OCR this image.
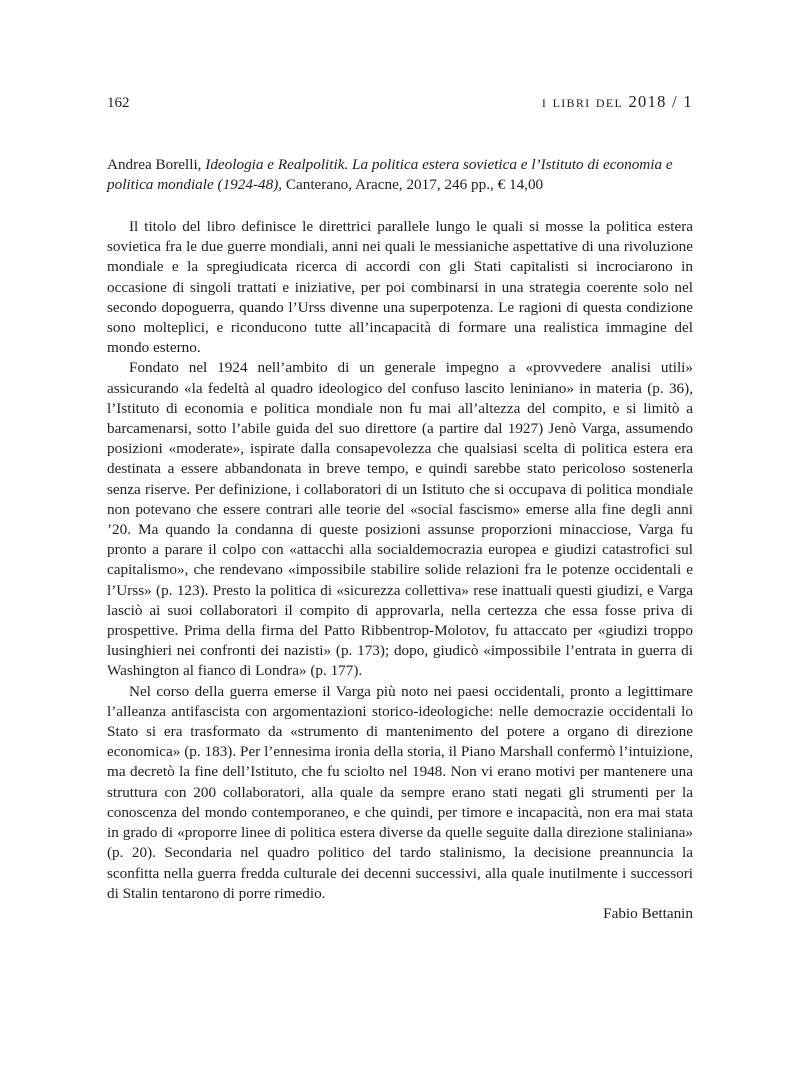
162	i libri del 2018 / 1
Andrea Borelli, Ideologia e Realpolitik. La politica estera sovietica e l’Istituto di economia e politica mondiale (1924-48), Canterano, Aracne, 2017, 246 pp., € 14,00

Il titolo del libro definisce le direttrici parallele lungo le quali si mosse la politica estera sovietica fra le due guerre mondiali, anni nei quali le messianiche aspettative di una rivoluzione mondiale e la spregiudicata ricerca di accordi con gli Stati capitalisti si incrociarono in occasione di singoli trattati e iniziative, per poi combinarsi in una strategia coerente solo nel secondo dopoguerra, quando l’Urss divenne una superpotenza. Le ragioni di questa condizione sono molteplici, e riconducono tutte all’incapacità di formare una realistica immagine del mondo esterno.

Fondato nel 1924 nell’ambito di un generale impegno a «provvedere analisi utili» assicurando «la fedeltà al quadro ideologico del confuso lascito leniniano» in materia (p. 36), l’Istituto di economia e politica mondiale non fu mai all’altezza del compito, e si limitò a barcamenarsi, sotto l’abile guida del suo direttore (a partire dal 1927) Jenò Varga, assumendo posizioni «moderate», ispirate dalla consapevolezza che qualsiasi scelta di politica estera era destinata a essere abbandonata in breve tempo, e quindi sarebbe stato pericoloso sostenerla senza riserve. Per definizione, i collaboratori di un Istituto che si occupava di politica mondiale non potevano che essere contrari alle teorie del «social fascismo» emerse alla fine degli anni ’20. Ma quando la condanna di queste posizioni assunse proporzioni minacciose, Varga fu pronto a parare il colpo con «attacchi alla socialdemocrazia europea e giudizi catastrofici sul capitalismo», che rendevano «impossibile stabilire solide relazioni fra le potenze occidentali e l’Urss» (p. 123). Presto la politica di «sicurezza collettiva» rese inattuali questi giudizi, e Varga lasciò ai suoi collaboratori il compito di approvarla, nella certezza che essa fosse priva di prospettive. Prima della firma del Patto Ribbentrop-Molotov, fu attaccato per «giudizi troppo lusinghieri nei confronti dei nazisti» (p. 173); dopo, giudicò «impossibile l’entrata in guerra di Washington al fianco di Londra» (p. 177).

Nel corso della guerra emerse il Varga più noto nei paesi occidentali, pronto a legittimare l’alleanza antifascista con argomentazioni storico-ideologiche: nelle democrazie occidentali lo Stato si era trasformato da «strumento di mantenimento del potere a organo di direzione economica» (p. 183). Per l’ennesima ironia della storia, il Piano Marshall confermò l’intuizione, ma decretò la fine dell’Istituto, che fu sciolto nel 1948. Non vi erano motivi per mantenere una struttura con 200 collaboratori, alla quale da sempre erano stati negati gli strumenti per la conoscenza del mondo contemporaneo, e che quindi, per timore e incapacità, non era mai stata in grado di «proporre linee di politica estera diverse da quelle seguite dalla direzione staliniana» (p. 20). Secondaria nel quadro politico del tardo stalinismo, la decisione preannuncia la sconfitta nella guerra fredda culturale dei decenni successivi, alla quale inutilmente i successori di Stalin tentarono di porre rimedio.

Fabio Bettanin
